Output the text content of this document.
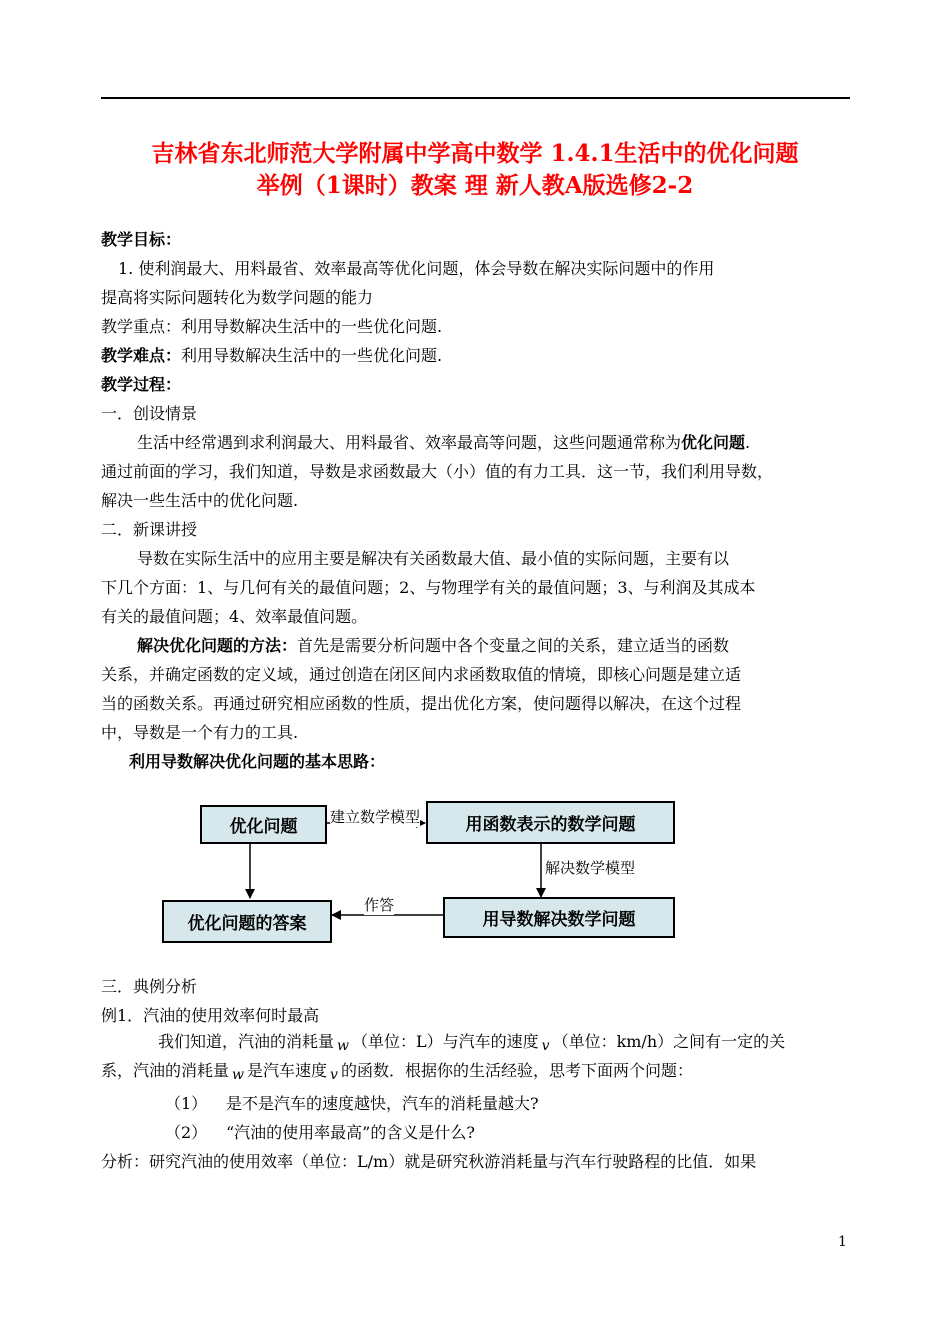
吉林省东北师范大学附属中学高中数学 1.4.1生活中的优化问题
举例（1课时）教案 理 新人教A版选修2-2
教学目标：
1. 使利润最大、用料最省、效率最高等优化问题，体会导数在解决实际问题中的作用
提高将实际问题转化为数学问题的能力
教学重点：利用导数解决生活中的一些优化问题.
教学难点：利用导数解决生活中的一些优化问题.
教学过程：
一．创设情景
生活中经常遇到求利润最大、用料最省、效率最高等问题，这些问题通常称为优化问题.
通过前面的学习，我们知道，导数是求函数最大（小）值的有力工具．这一节，我们利用导数，
解决一些生活中的优化问题.
二．新课讲授
导数在实际生活中的应用主要是解决有关函数最大值、最小值的实际问题，主要有以
下几个方面：1、与几何有关的最值问题；2、与物理学有关的最值问题；3、与利润及其成本
有关的最值问题；4、效率最值问题。
解决优化问题的方法：首先是需要分析问题中各个变量之间的关系，建立适当的函数
关系，并确定函数的定义域，通过创造在闭区间内求函数取值的情境，即核心问题是建立适
当的函数关系。再通过研究相应函数的性质，提出优化方案，使问题得以解决，在这个过程
中，导数是一个有力的工具.
利用导数解决优化问题的基本思路：
优化问题	用函数表示的数学问题
用导数解决数学问题
优化问题的答案
建立数学模型
解决数学模型
作答
三．典例分析
例1．汽油的使用效率何时最高
我们知道，汽油的消耗量 w （单位：L）与汽车的速度 v （单位：km/h）之间有一定的关
系，汽油的消耗量 w 是汽车速度 v 的函数．根据你的生活经验，思考下面两个问题：
（1） 是不是汽车的速度越快，汽车的消耗量越大?
（2） “汽油的使用率最高”的含义是什么?
分析：研究汽油的使用效率（单位：L/m）就是研究秋游消耗量与汽车行驶路程的比值．如果
1
